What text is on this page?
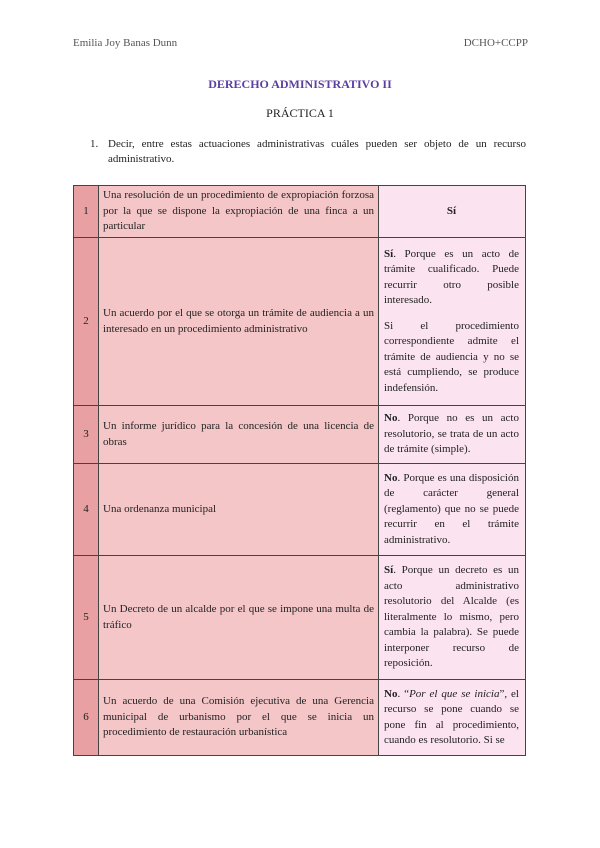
Emilia Joy Banas Dunn	DCHO+CCPP
DERECHO ADMINISTRATIVO II
PRÁCTICA 1
1. Decir, entre estas actuaciones administrativas cuáles pueden ser objeto de un recurso administrativo.
1	Una resolución de un procedimiento de expropiación forzosa por la que se dispone la expropiación de una finca a un particular	Sí
2	Un acuerdo por el que se otorga un trámite de audiencia a un interesado en un procedimiento administrativo	Sí. Porque es un acto de trámite cualificado. Puede recurrir otro posible interesado.

Si el procedimiento correspondiente admite el trámite de audiencia y no se está cumpliendo, se produce indefensión.

3	Un informe jurídico para la concesión de una licencia de obras	No. Porque no es un acto resolutorio, se trata de un acto de trámite (simple).
4	Una ordenanza municipal	No. Porque es una disposición de carácter general (reglamento) que no se puede recurrir en el trámite administrativo.
5	Un Decreto de un alcalde por el que se impone una multa de tráfico	Sí. Porque un decreto es un acto administrativo resolutorio del Alcalde (es literalmente lo mismo, pero cambia la palabra). Se puede interponer recurso de reposición.
6	Un acuerdo de una Comisión ejecutiva de una Gerencia municipal de urbanismo por el que se inicia un procedimiento de restauración urbanística	No. “Por el que se inicia”, el recurso se pone cuando se pone fin al procedimiento, cuando es resolutorio. Si se
